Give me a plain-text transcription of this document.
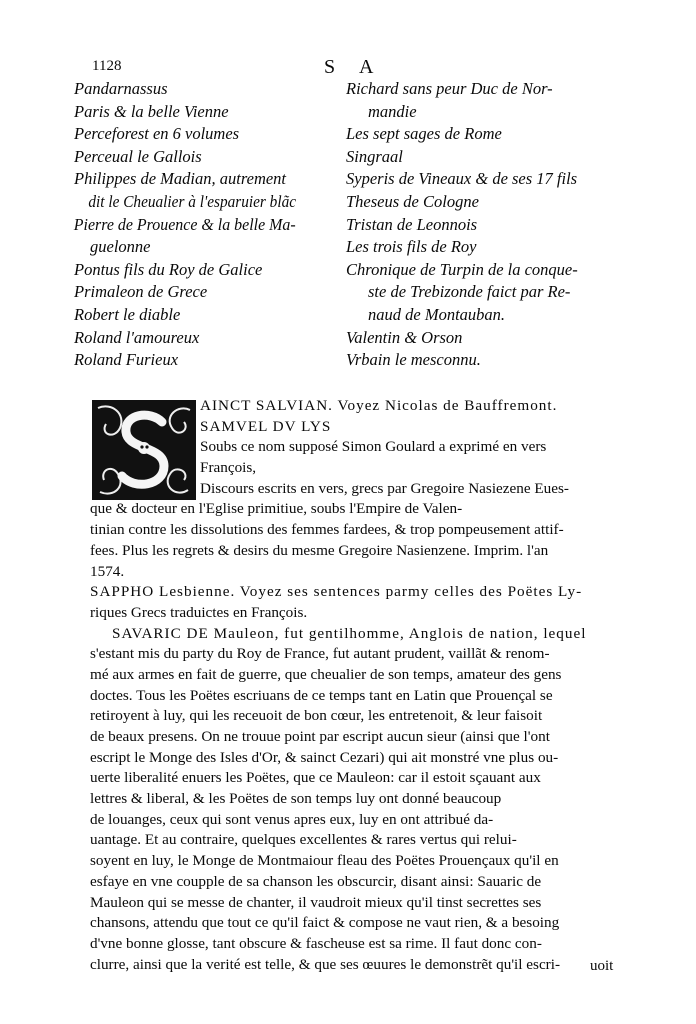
1128	S A
Pandarnassus
Paris & la belle Vienne
Perceforest en 6 volumes
Perceual le Gallois
Philippes de Madian, autrement
dit le Cheualier à l'esparuier blãc
Pierre de Prouence & la belle Ma-
guelonne
Pontus fils du Roy de Galice
Primaleon de Grece
Robert le diable
Roland l'amoureux
Roland Furieux
Richard sans peur Duc de Nor-
mandie
Les sept sages de Rome
Singraal
Syperis de Vineaux & de ses 17 fils
Theseus de Cologne
Tristan de Leonnois
Les trois fils de Roy
Chronique de Turpin de la conque-
ste de Trebizonde faict par Re-
naud de Montauban.
Valentin & Orson
Vrbain le mesconnu.
AINCT SALVIAN. Voyez Nicolas de Bauffremont.
SAMVEL DV LYS
Soubs ce nom supposé Simon Goulard a exprimé en vers
François,
Discours escrits en vers, grecs par Gregoire Nasiezene Eues-
que & docteur en l'Eglise primitiue, soubs l'Empire de Valen-
tinian contre les dissolutions des femmes fardees, & trop pompeusement attif-
fees. Plus les regrets & desirs du mesme Gregoire Nasienzene. Imprim. l'an
1574.
SAPPHO Lesbienne. Voyez ses sentences parmy celles des Poëtes Ly-
riques Grecs traduictes en François.
SAVARIC DE Mauleon, fut gentilhomme, Anglois de nation, lequel
s'estant mis du party du Roy de France, fut autant prudent, vaillãt & renom-
mé aux armes en fait de guerre, que cheualier de son temps, amateur des gens
doctes. Tous les Poëtes escriuans de ce temps tant en Latin que Prouençal se
retiroyent à luy, qui les receuoit de bon cœur, les entretenoit, & leur faisoit
de beaux presens. On ne trouue point par escript aucun sieur (ainsi que l'ont
escript le Monge des Isles d'Or, & sainct Cezari) qui ait monstré vne plus ou-
uerte liberalité enuers les Poëtes, que ce Mauleon: car il estoit sçauant aux
lettres & liberal, & les Poëtes de son temps luy ont donné beaucoup
de louanges, ceux qui sont venus apres eux, luy en ont attribué da-
uantage. Et au contraire, quelques excellentes & rares vertus qui relui-
soyent en luy, le Monge de Montmaiour fleau des Poëtes Prouençaux qu'il en
esfaye en vne coupple de sa chanson les obscurcir, disant ainsi: Sauaric de
Mauleon qui se messe de chanter, il vaudroit mieux qu'il tinst secrettes ses
chansons, attendu que tout ce qu'il faict & compose ne vaut rien, & a besoing
d'vne bonne glosse, tant obscure & fascheuse est sa rime. Il faut donc con-
clurre, ainsi que la verité est telle, & que ses œuures le demonstrẽt qu'il escri-	uoit
